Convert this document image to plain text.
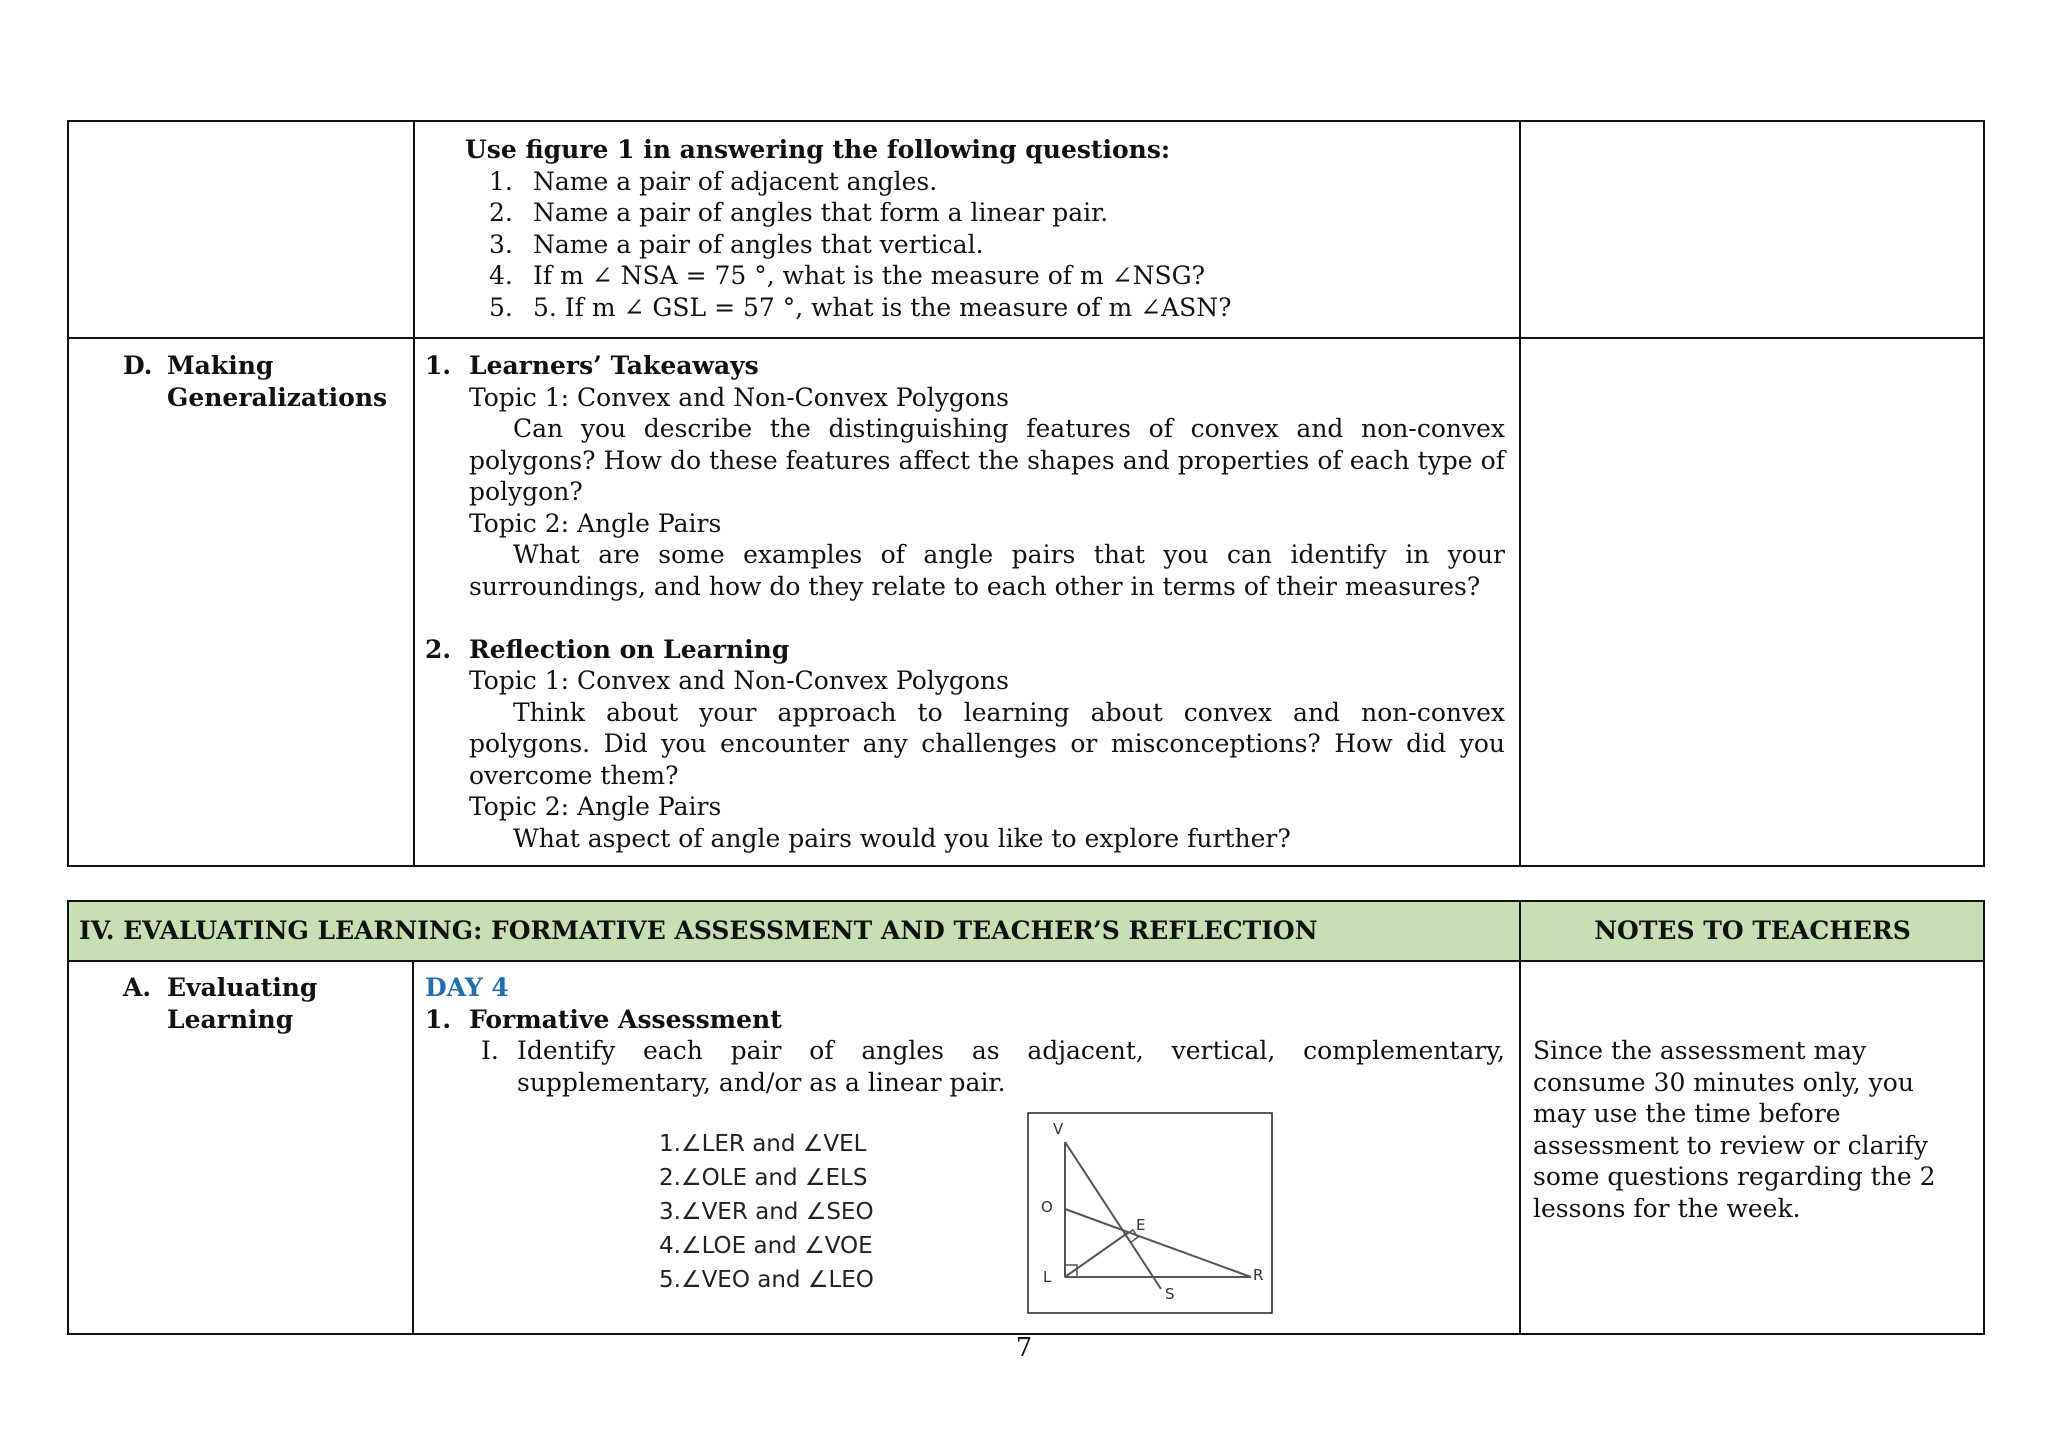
Use figure 1 in answering the following questions:
1. Name a pair of adjacent angles.
2. Name a pair of angles that form a linear pair.
3. Name a pair of angles that vertical.
4. If m ∠ NSA = 75 °, what is the measure of m ∠NSG?
5. 5. If m ∠ GSL = 57 °, what is the measure of m ∠ASN?
D. Making
Generalizations
1. Learners’ Takeaways
Topic 1: Convex and Non-Convex Polygons
Can you describe the distinguishing features of convex and non-convex polygons? How do these features affect the shapes and properties of each type of polygon?
Topic 2: Angle Pairs
What are some examples of angle pairs that you can identify in your surroundings, and how do they relate to each other in terms of their measures?
2. Reflection on Learning
Topic 1: Convex and Non-Convex Polygons
Think about your approach to learning about convex and non-convex polygons. Did you encounter any challenges or misconceptions? How did you overcome them?
Topic 2: Angle Pairs
What aspect of angle pairs would you like to explore further?
IV. EVALUATING LEARNING: FORMATIVE ASSESSMENT AND TEACHER’S REFLECTION	NOTES TO TEACHERS
A. Evaluating
Learning
DAY 4
1. Formative Assessment
I. Identify each pair of angles as adjacent, vertical, complementary, supplementary, and/or as a linear pair.
1.∠LER and ∠VEL
2.∠OLE and ∠ELS
3.∠VER and ∠SEO
4.∠LOE and ∠VOE
5.∠VEO and ∠LEO
V
O
E
L
S
R
Since the assessment may consume 30 minutes only, you may use the time before assessment to review or clarify some questions regarding the 2 lessons for the week.
7
